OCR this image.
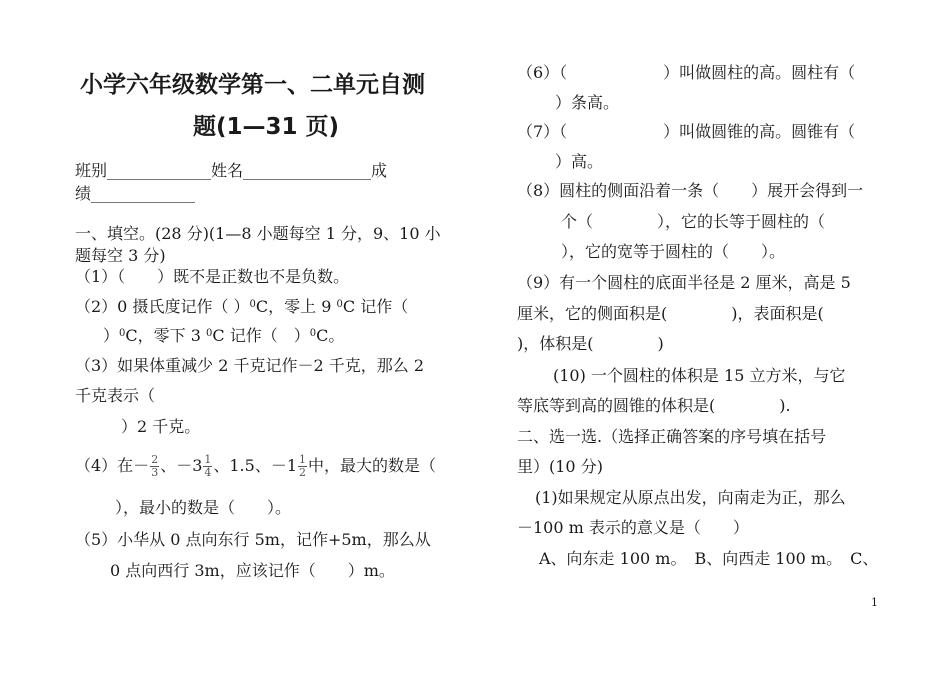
小学六年级数学第一、二单元自测
题(1—31 页)
班别_____________姓名________________成
绩_____________
一、填空。(28 分)(1—8 小题每空 1 分，9、10 小
题每空 3 分)
（1）（　　）既不是正数也不是负数。
（2）0 摄氏度记作（ ）$^0$C，零上 9 $^0$C 记作（
）$^0$C，零下 3 $^0$C 记作（　）$^0$C。
（3）如果体重减少 2 千克记作－2 千克，那么 2
千克表示（
）2 千克。
（4）在－ $\frac{2}{3}$ 、$-3 \frac{1}{4}$ 、1.5、$-1 \frac{1}{2}$ 中，最大的数是（
），最小的数是（　　）。
（5）小华从 0 点向东行 5m，记作+5m，那么从
0 点向西行 3m，应该记作（　　）m。
（6）（　　　　　　）叫做圆柱的高。圆柱有（
）条高。
（7）（　　　　　　）叫做圆锥的高。圆锥有（
）高。
（8）圆柱的侧面沿着一条（　　）展开会得到一
个（　　　　），它的长等于圆柱的（
），它的宽等于圆柱的（　　）。
（9）有一个圆柱的底面半径是 2 厘米，高是 5
厘米，它的侧面积是(　　　　)，表面积是(
)，体积是(　　　　)
(10) 一个圆柱的体积是 15 立方米，与它
等底等到高的圆锥的体积是(　　　　).
二、选一选.（选择正确答案的序号填在括号
里）(10 分)
(1)如果规定从原点出发，向南走为正，那么
－100 m 表示的意义是（　　）
A、向东走 100 m。　B、向西走 100 m。　C、
1
